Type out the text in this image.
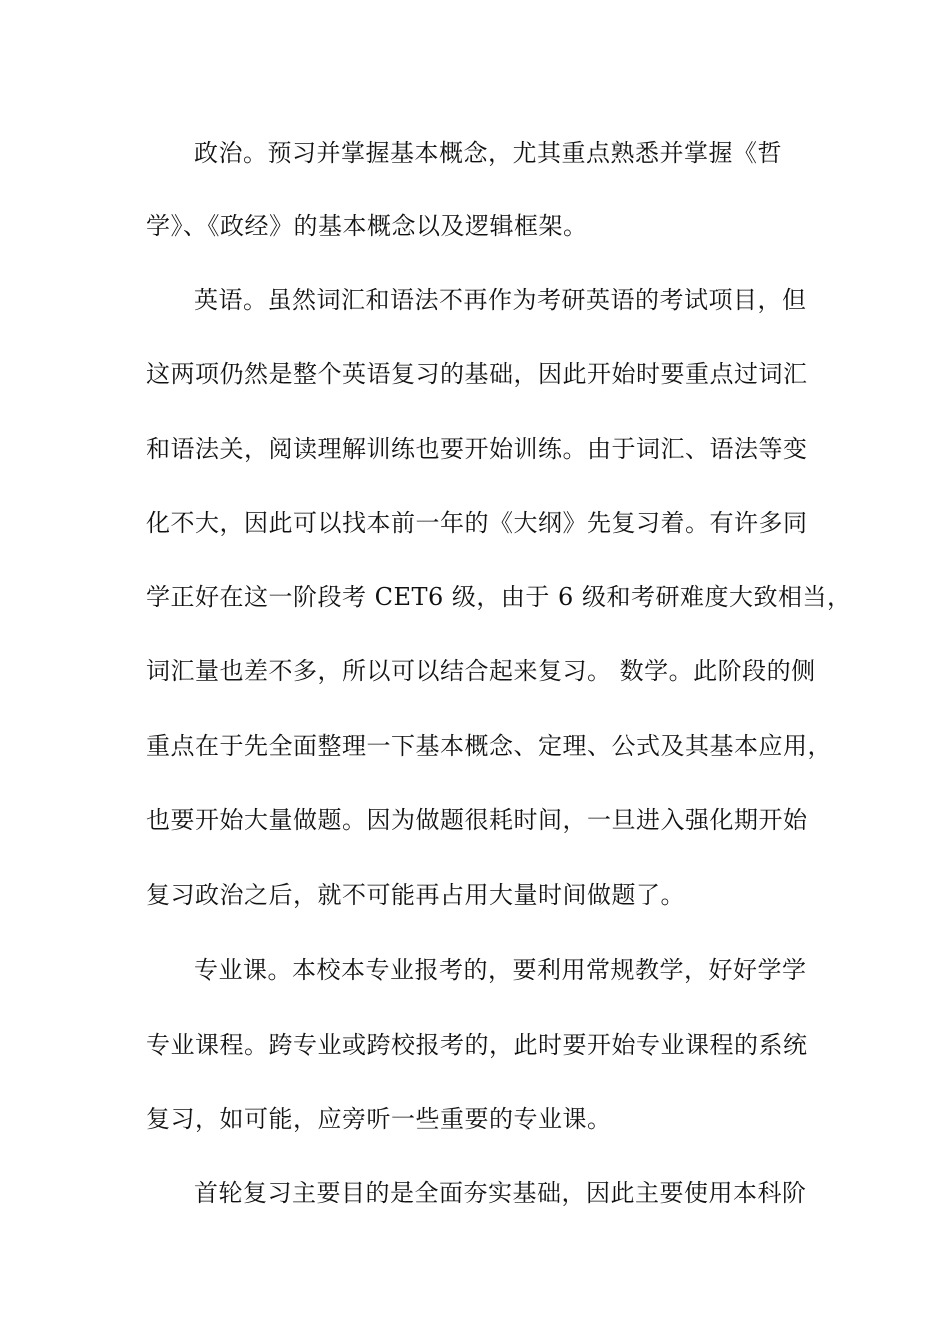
政治。预习并掌握基本概念，尤其重点熟悉并掌握《哲
学》、《政经》的基本概念以及逻辑框架。
英语。虽然词汇和语法不再作为考研英语的考试项目，但
这两项仍然是整个英语复习的基础，因此开始时要重点过词汇
和语法关，阅读理解训练也要开始训练。由于词汇、语法等变
化不大，因此可以找本前一年的《大纲》先复习着。有许多同
学正好在这一阶段考 CET6 级，由于 6 级和考研难度大致相当，
词汇量也差不多，所以可以结合起来复习。 数学。此阶段的侧
重点在于先全面整理一下基本概念、定理、公式及其基本应用，
也要开始大量做题。因为做题很耗时间，一旦进入强化期开始
复习政治之后，就不可能再占用大量时间做题了。
专业课。本校本专业报考的，要利用常规教学，好好学学
专业课程。跨专业或跨校报考的，此时要开始专业课程的系统
复习，如可能，应旁听一些重要的专业课。
首轮复习主要目的是全面夯实基础，因此主要使用本科阶
